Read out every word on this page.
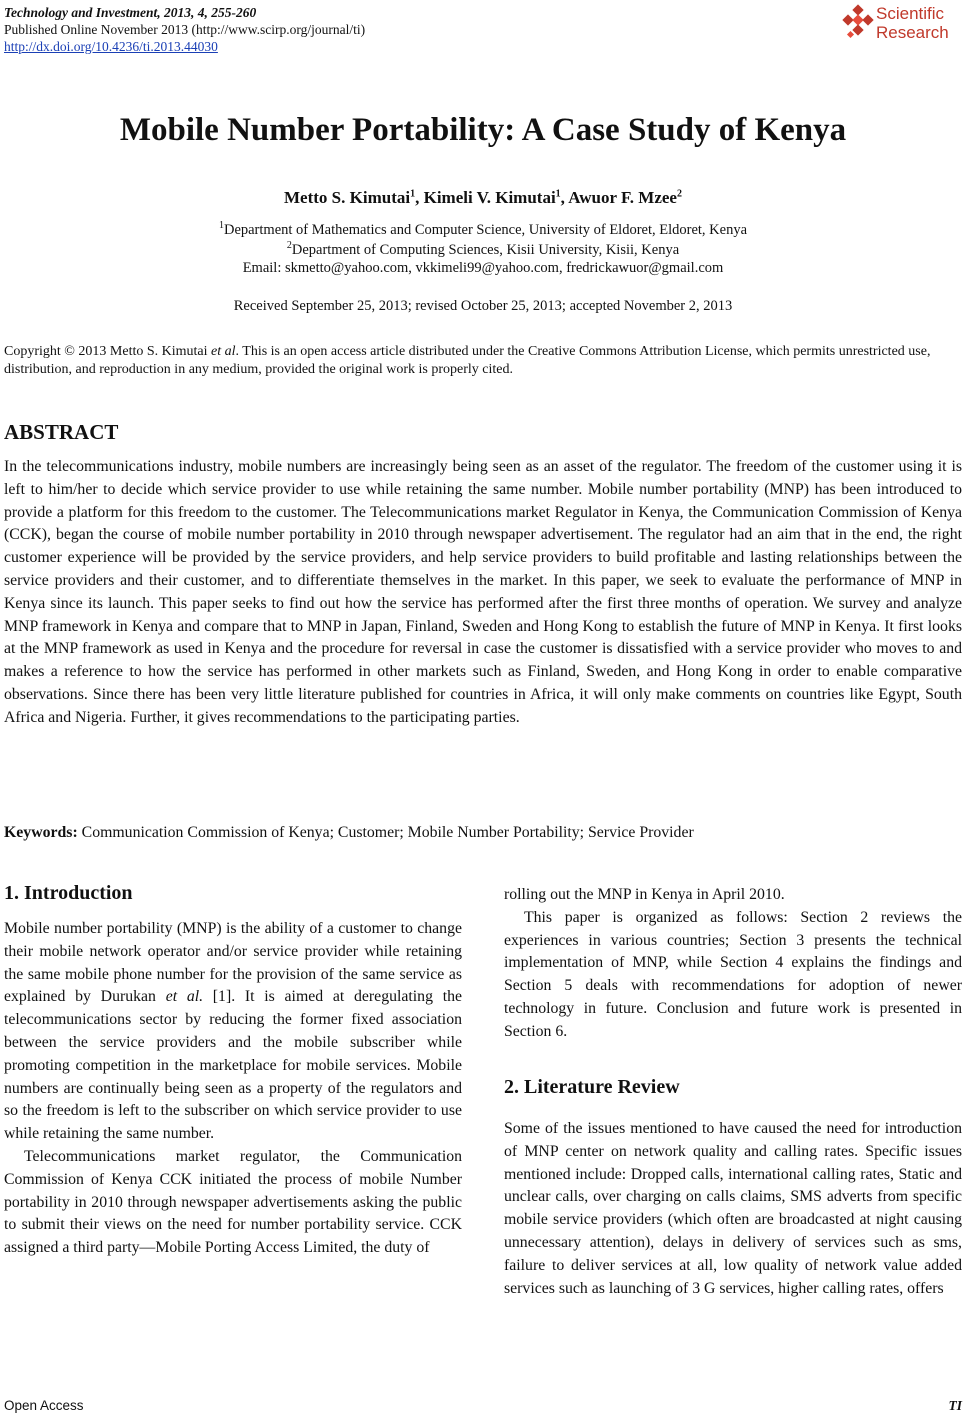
Technology and Investment, 2013, 4, 255-260
Published Online November 2013 (http://www.scirp.org/journal/ti)
http://dx.doi.org/10.4236/ti.2013.44030
Scientific
Research
Mobile Number Portability: A Case Study of Kenya
Metto S. Kimutai$^1$, Kimeli V. Kimutai$^1$, Awuor F. Mzee$^2$
$^1$Department of Mathematics and Computer Science, University of Eldoret, Eldoret, Kenya
$^2$Department of Computing Sciences, Kisii University, Kisii, Kenya
Email: skmetto@yahoo.com, vkkimeli99@yahoo.com, fredrickawuor@gmail.com
Received September 25, 2013; revised October 25, 2013; accepted November 2, 2013
Copyright © 2013 Metto S. Kimutai et al. This is an open access article distributed under the Creative Commons Attribution License, which permits unrestricted use, distribution, and reproduction in any medium, provided the original work is properly cited.
ABSTRACT
In the telecommunications industry, mobile numbers are increasingly being seen as an asset of the regulator. The freedom of the customer using it is left to him/her to decide which service provider to use while retaining the same number. Mobile number portability (MNP) has been introduced to provide a platform for this freedom to the customer. The Telecommunications market Regulator in Kenya, the Communication Commission of Kenya (CCK), began the course of mobile number portability in 2010 through newspaper advertisement. The regulator had an aim that in the end, the right customer experience will be provided by the service providers, and help service providers to build profitable and lasting relationships between the service providers and their customer, and to differentiate themselves in the market. In this paper, we seek to evaluate the performance of MNP in Kenya since its launch. This paper seeks to find out how the service has performed after the first three months of operation. We survey and analyze MNP framework in Kenya and compare that to MNP in Japan, Finland, Sweden and Hong Kong to establish the future of MNP in Kenya. It first looks at the MNP framework as used in Kenya and the procedure for reversal in case the customer is dissatisfied with a service provider who moves to and makes a reference to how the service has performed in other markets such as Finland, Sweden, and Hong Kong in order to enable comparative observations. Since there has been very little literature published for countries in Africa, it will only make comments on countries like Egypt, South Africa and Nigeria. Further, it gives recommendations to the participating parties.
Keywords: Communication Commission of Kenya; Customer; Mobile Number Portability; Service Provider
1. Introduction

Mobile number portability (MNP) is the ability of a customer to change their mobile network operator and/or service provider while retaining the same mobile phone number for the provision of the same service as explained by Durukan et al. [1]. It is aimed at deregulating the telecommunications sector by reducing the former fixed association between the service providers and the mobile subscriber while promoting competition in the marketplace for mobile services. Mobile numbers are continually being seen as a property of the regulators and so the freedom is left to the subscriber on which service provider to use while retaining the same number.

Telecommunications market regulator, the Communication Commission of Kenya CCK initiated the process of mobile Number portability in 2010 through newspaper advertisements asking the public to submit their views on the need for number portability service. CCK assigned a third party—Mobile Porting Access Limited, the duty of

rolling out the MNP in Kenya in April 2010.

This paper is organized as follows: Section 2 reviews the experiences in various countries; Section 3 presents the technical implementation of MNP, while Section 4 explains the findings and Section 5 deals with recommendations for adoption of newer technology in future. Conclusion and future work is presented in Section 6.

2. Literature Review
Some of the issues mentioned to have caused the need for introduction of MNP center on network quality and calling rates. Specific issues mentioned include: Dropped calls, international calling rates, Static and unclear calls, over charging on calls claims, SMS adverts from specific mobile service providers (which often are broadcasted at night causing unnecessary attention), delays in delivery of services such as sms, failure to deliver services at all, low quality of network value added services such as launching of 3 G services, higher calling rates, offers
Open Access	TI
